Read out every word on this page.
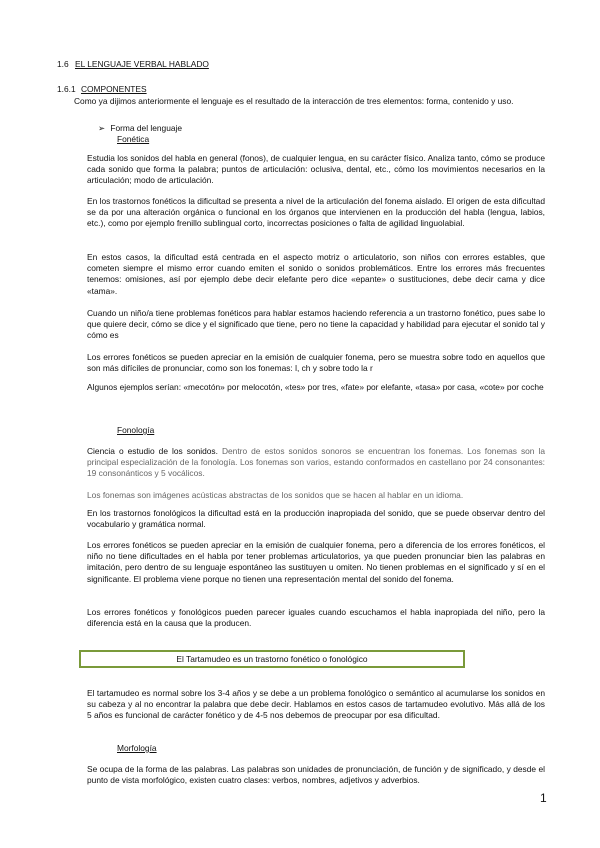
1.6 EL LENGUAJE VERBAL HABLADO
1.6.1 COMPONENTES
Como ya dijimos anteriormente el lenguaje es el resultado de la interacción de tres elementos: forma, contenido y uso.
➢ Forma del lenguaje
Fonética
Estudia los sonidos del habla en general (fonos), de cualquier lengua, en su carácter físico. Analiza tanto, cómo se produce cada sonido que forma la palabra; puntos de articulación: oclusiva, dental, etc., cómo los movimientos necesarios en la articulación; modo de articulación.
En los trastornos fonéticos la dificultad se presenta a nivel de la articulación del fonema aislado. El origen de esta dificultad se da por una alteración orgánica o funcional en los órganos que intervienen en la producción del habla (lengua, labios, etc.), como por ejemplo frenillo sublingual corto, incorrectas posiciones o falta de agilidad linguolabial.
En estos casos, la dificultad está centrada en el aspecto motriz o articulatorio, son niños con errores estables, que cometen siempre el mismo error cuando emiten el sonido o sonidos problemáticos. Entre los errores más frecuentes tenemos: omisiones, así por ejemplo debe decir elefante pero dice «epante» o sustituciones, debe decir cama y dice «tama».
Cuando un niño/a tiene problemas fonéticos para hablar estamos haciendo referencia a un trastorno fonético, pues sabe lo que quiere decir, cómo se dice y el significado que tiene, pero no tiene la capacidad y habilidad para ejecutar el sonido tal y cómo es
Los errores fonéticos se pueden apreciar en la emisión de cualquier fonema, pero se muestra sobre todo en aquellos que son más difíciles de pronunciar, como son los fonemas: l, ch y sobre todo la r
Algunos ejemplos serían: «mecotón» por melocotón, «tes» por tres, «fate» por elefante, «tasa» por casa, «cote» por coche
Fonología
Ciencia o estudio de los sonidos. Dentro de estos sonidos sonoros se encuentran los fonemas. Los fonemas son la principal especialización de la fonología. Los fonemas son varios, estando conformados en castellano por 24 consonantes: 19 consonánticos y 5 vocálicos.
Los fonemas son imágenes acústicas abstractas de los sonidos que se hacen al hablar en un idioma.
En los trastornos fonológicos la dificultad está en la producción inapropiada del sonido, que se puede observar dentro del vocabulario y gramática normal.
Los errores fonéticos se pueden apreciar en la emisión de cualquier fonema, pero a diferencia de los errores fonéticos, el niño no tiene dificultades en el habla por tener problemas articulatorios, ya que pueden pronunciar bien las palabras en imitación, pero dentro de su lenguaje espontáneo las sustituyen u omiten. No tienen problemas en el significado y sí en el significante. El problema viene porque no tienen una representación mental del sonido del fonema.
Los errores fonéticos y fonológicos pueden parecer iguales cuando escuchamos el habla inapropiada del niño, pero la diferencia está en la causa que la producen.
El Tartamudeo es un trastorno fonético o fonológico
El tartamudeo es normal sobre los 3-4 años y se debe a un problema fonológico o semántico al acumularse los sonidos en su cabeza y al no encontrar la palabra que debe decir. Hablamos en estos casos de tartamudeo evolutivo. Más allá de los 5 años es funcional de carácter fonético y de 4-5 nos debemos de preocupar por esa dificultad.
Morfología
Se ocupa de la forma de las palabras. Las palabras son unidades de pronunciación, de función y de significado, y desde el punto de vista morfológico, existen cuatro clases: verbos, nombres, adjetivos y adverbios.
1
